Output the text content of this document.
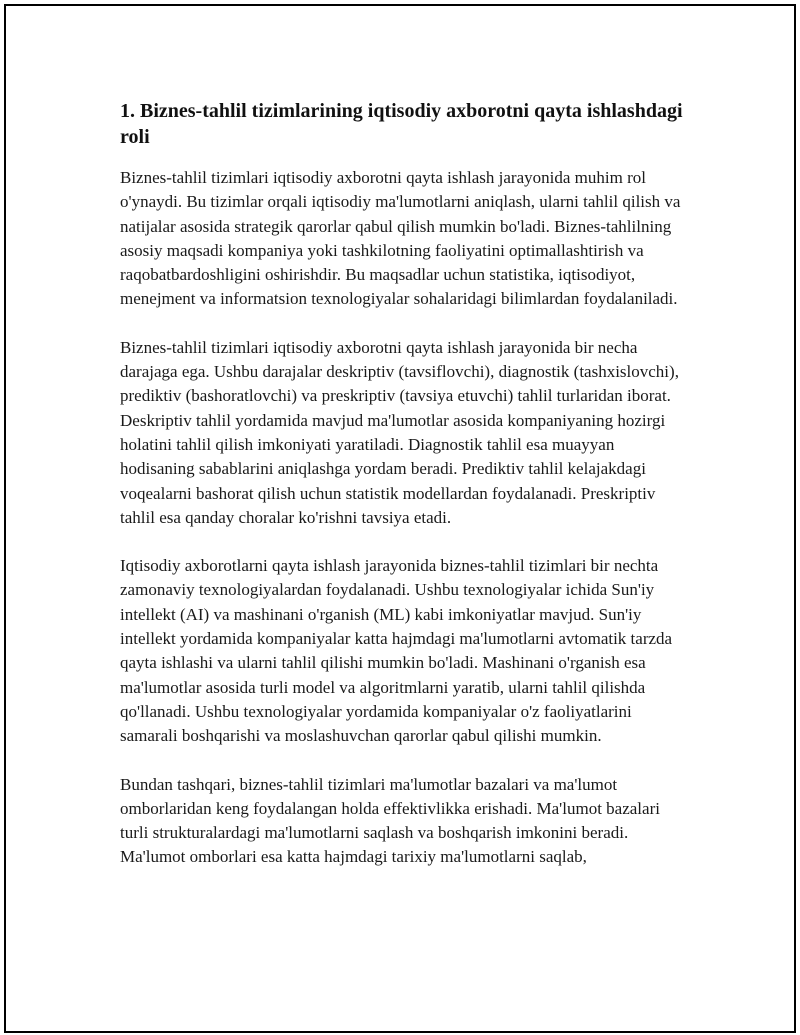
1. Biznes-tahlil tizimlarining iqtisodiy axborotni qayta ishlashdagi roli

Biznes-tahlil tizimlari iqtisodiy axborotni qayta ishlash jarayonida muhim rol o'ynaydi. Bu tizimlar orqali iqtisodiy ma'lumotlarni aniqlash, ularni tahlil qilish va natijalar asosida strategik qarorlar qabul qilish mumkin bo'ladi. Biznes-tahlilning asosiy maqsadi kompaniya yoki tashkilotning faoliyatini optimallashtirish va raqobatbardoshligini oshirishdir. Bu maqsadlar uchun statistika, iqtisodiyot, menejment va informatsion texnologiyalar sohalaridagi bilimlardan foydalaniladi.

Biznes-tahlil tizimlari iqtisodiy axborotni qayta ishlash jarayonida bir necha darajaga ega. Ushbu darajalar deskriptiv (tavsiflovchi), diagnostik (tashxislovchi), prediktiv (bashoratlovchi) va preskriptiv (tavsiya etuvchi) tahlil turlaridan iborat. Deskriptiv tahlil yordamida mavjud ma'lumotlar asosida kompaniyaning hozirgi holatini tahlil qilish imkoniyati yaratiladi. Diagnostik tahlil esa muayyan hodisaning sabablarini aniqlashga yordam beradi. Prediktiv tahlil kelajakdagi voqealarni bashorat qilish uchun statistik modellardan foydalanadi. Preskriptiv tahlil esa qanday choralar ko'rishni tavsiya etadi.

Iqtisodiy axborotlarni qayta ishlash jarayonida biznes-tahlil tizimlari bir nechta zamonaviy texnologiyalardan foydalanadi. Ushbu texnologiyalar ichida Sun'iy intellekt (AI) va mashinani o'rganish (ML) kabi imkoniyatlar mavjud. Sun'iy intellekt yordamida kompaniyalar katta hajmdagi ma'lumotlarni avtomatik tarzda qayta ishlashi va ularni tahlil qilishi mumkin bo'ladi. Mashinani o'rganish esa ma'lumotlar asosida turli model va algoritmlarni yaratib, ularni tahlil qilishda qo'llanadi. Ushbu texnologiyalar yordamida kompaniyalar o'z faoliyatlarini samarali boshqarishi va moslashuvchan qarorlar qabul qilishi mumkin.

Bundan tashqari, biznes-tahlil tizimlari ma'lumotlar bazalari va ma'lumot omborlaridan keng foydalangan holda effektivlikka erishadi. Ma'lumot bazalari turli strukturalardagi ma'lumotlarni saqlash va boshqarish imkonini beradi. Ma'lumot omborlari esa katta hajmdagi tarixiy ma'lumotlarni saqlab,
